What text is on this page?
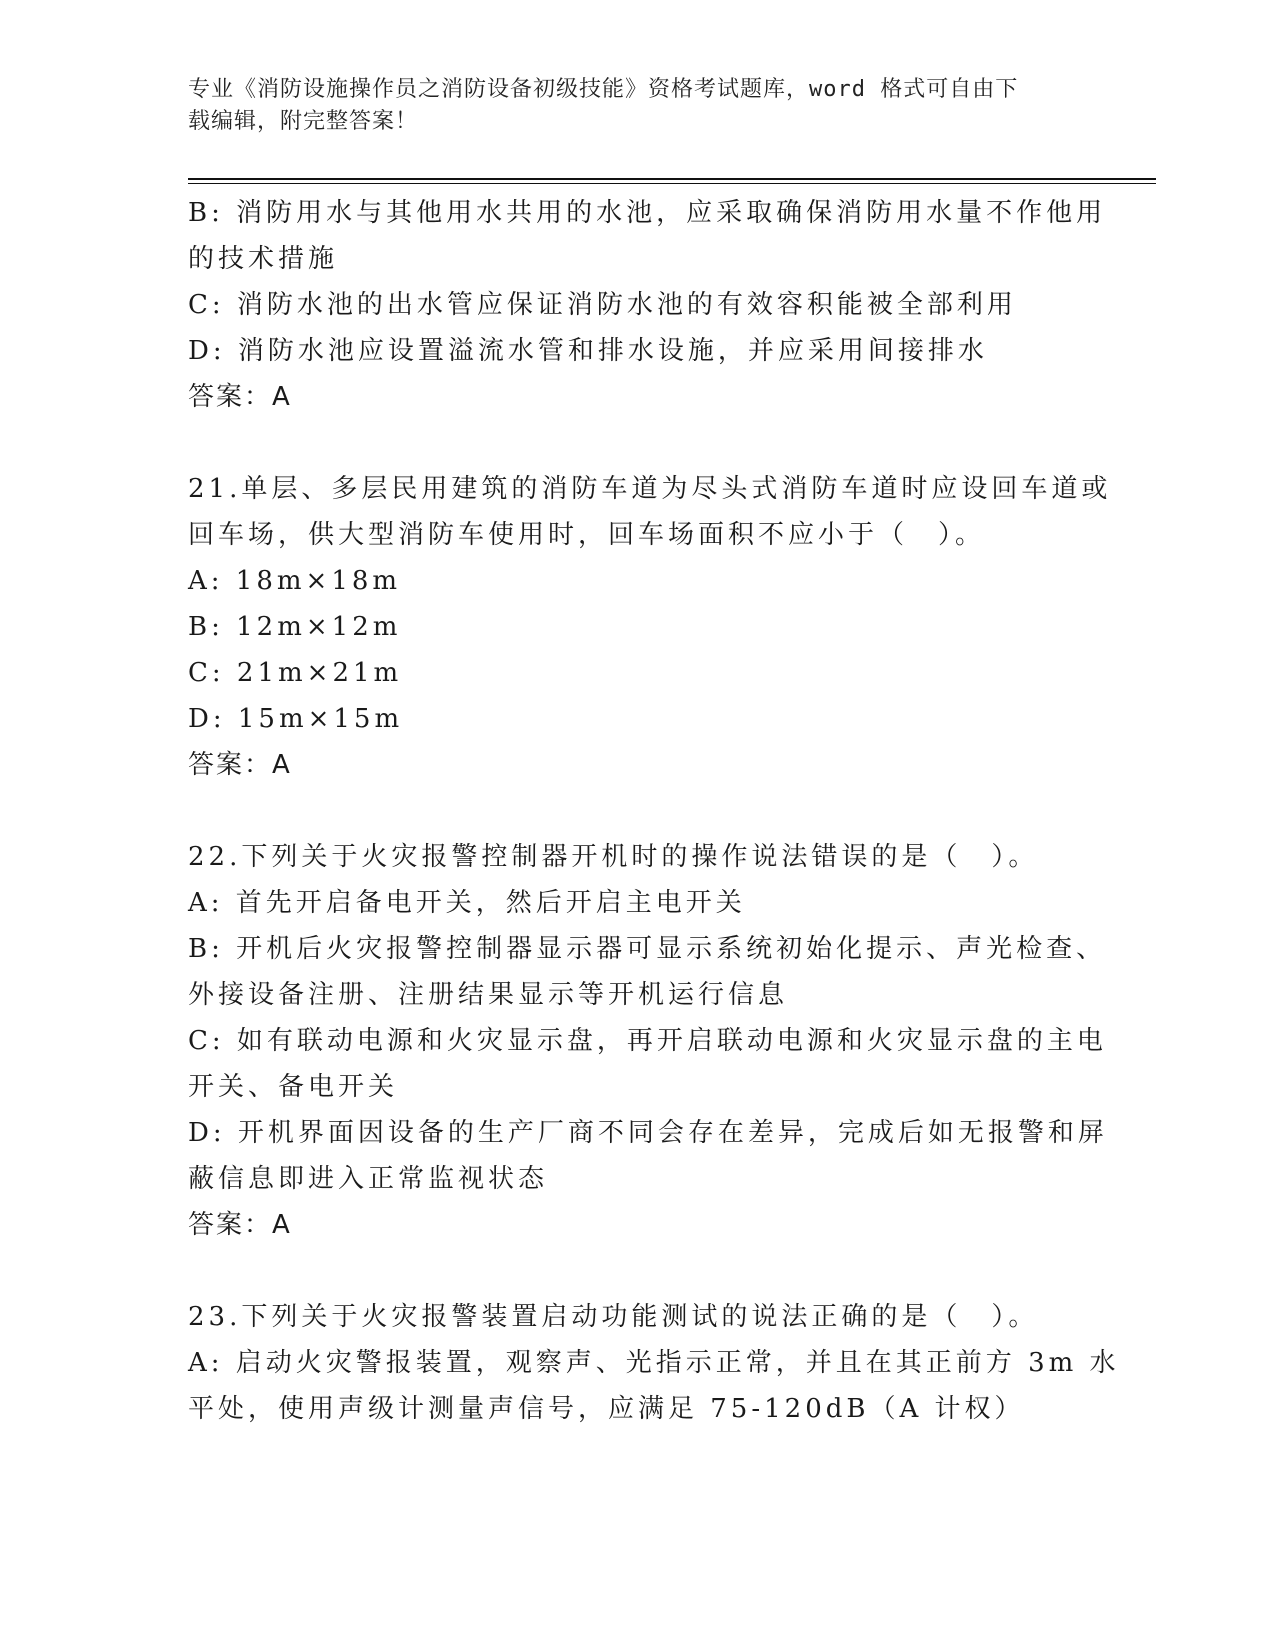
专业《消防设施操作员之消防设备初级技能》资格考试题库，word 格式可自由下
载编辑，附完整答案！
B: 消防用水与其他用水共用的水池，应采取确保消防用水量不作他用
的技术措施
C: 消防水池的出水管应保证消防水池的有效容积能被全部利用
D: 消防水池应设置溢流水管和排水设施，并应采用间接排水
答案：A
21.单层、多层民用建筑的消防车道为尽头式消防车道时应设回车道或
回车场，供大型消防车使用时，回车场面积不应小于（　）。
A: 18m×18m
B: 12m×12m
C: 21m×21m
D: 15m×15m
答案：A
22.下列关于火灾报警控制器开机时的操作说法错误的是（　）。
A: 首先开启备电开关，然后开启主电开关
B: 开机后火灾报警控制器显示器可显示系统初始化提示、声光检查、
外接设备注册、注册结果显示等开机运行信息
C: 如有联动电源和火灾显示盘，再开启联动电源和火灾显示盘的主电
开关、备电开关
D: 开机界面因设备的生产厂商不同会存在差异，完成后如无报警和屏
蔽信息即进入正常监视状态
答案：A
23.下列关于火灾报警装置启动功能测试的说法正确的是（　）。
A: 启动火灾警报装置，观察声、光指示正常，并且在其正前方 3m 水
平处，使用声级计测量声信号，应满足 75-120dB（A 计权）
